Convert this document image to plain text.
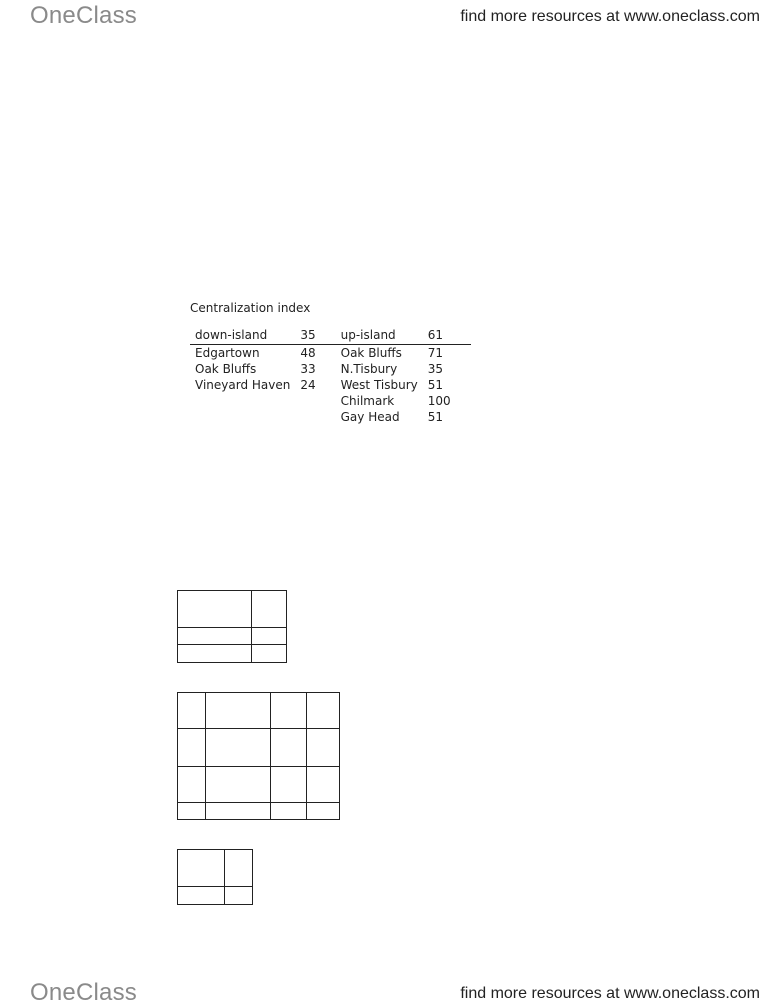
OneClass	find more resources at www.oneclass.com
Centralization index
down-island	35	up-island	61
Edgartown	48	Oak Bluffs	71
Oak Bluffs	33	N.Tisbury	35
Vineyard Haven	24	West Tisbury	51
		Chilmark	100
		Gay Head	51

OneClass	find more resources at www.oneclass.com
